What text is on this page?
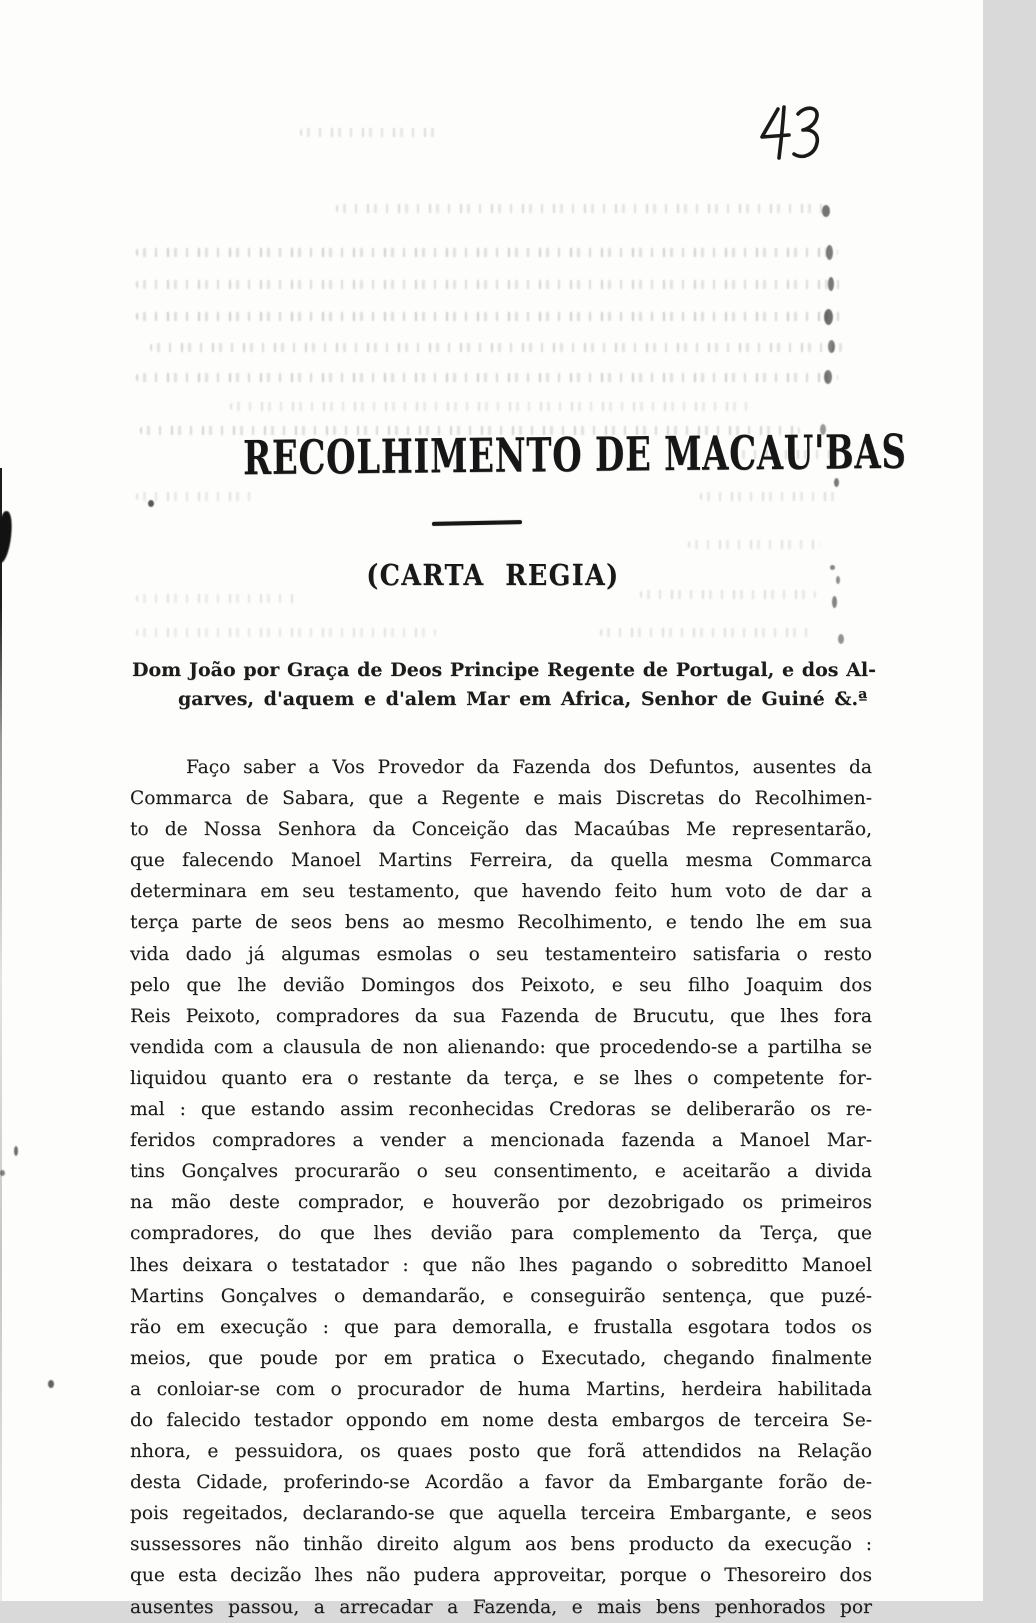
RECOLHIMENTO DE MACAU'BAS
(CARTA REGIA)
Dom João por Graça de Deos Principe Regente de Portugal, e dos Al-
garves, d'aquem e d'alem Mar em Africa, Senhor de Guiné &.ª
Faço saber a Vos Provedor da Fazenda dos Defuntos, ausentes da
Commarca de Sabara, que a Regente e mais Discretas do Recolhimen-
to de Nossa Senhora da Conceição das Macaúbas Me representarão,
que falecendo Manoel Martins Ferreira, da quella mesma Commarca
determinara em seu testamento, que havendo feito hum voto de dar a
terça parte de seos bens ao mesmo Recolhimento, e tendo lhe em sua
vida dado já algumas esmolas o seu testamenteiro satisfaria o resto
pelo que lhe devião Domingos dos Peixoto, e seu filho Joaquim dos
Reis Peixoto, compradores da sua Fazenda de Brucutu, que lhes fora
vendida com a clausula de non alienando: que procedendo-se a partilha se
liquidou quanto era o restante da terça, e se lhes o competente for-
mal : que estando assim reconhecidas Credoras se deliberarão os re-
feridos compradores a vender a mencionada fazenda a Manoel Mar-
tins Gonçalves procurarão o seu consentimento, e aceitarão a divida
na mão deste comprador, e houverão por dezobrigado os primeiros
compradores, do que lhes devião para complemento da Terça, que
lhes deixara o testatador : que não lhes pagando o sobreditto Manoel
Martins Gonçalves o demandarão, e conseguirão sentença, que puzé-
rão em execução : que para demoralla, e frustalla esgotara todos os
meios, que poude por em pratica o Executado, chegando finalmente
a conloiar-se com o procurador de huma Martins, herdeira habilitada
do falecido testador oppondo em nome desta embargos de terceira Se-
nhora, e pessuidora, os quaes posto que forã attendidos na Relação
desta Cidade, proferindo-se Acordão a favor da Embargante forão de-
pois regeitados, declarando-se que aquella terceira Embargante, e seos
sussessores não tinhão direito algum aos bens producto da execução :
que esta decizão lhes não pudera approveitar, porque o Thesoreiro dos
ausentes passou, a arrecadar a Fazenda, e mais bens penhorados por
